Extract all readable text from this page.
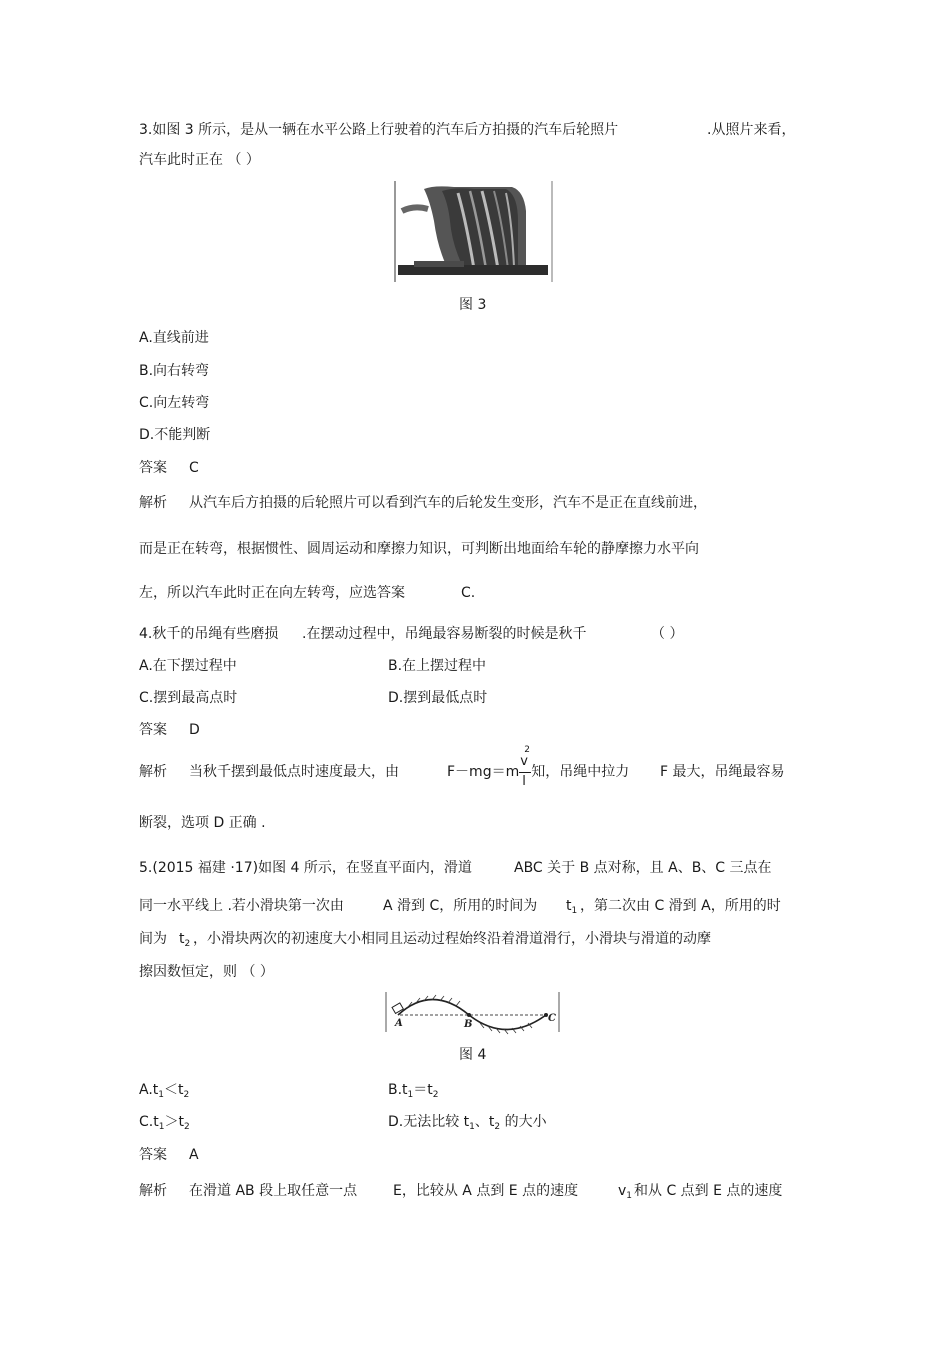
3.如图 3 所示，是从一辆在水平公路上行驶着的汽车后方拍摄的汽车后轮照片	.从照片来看，
汽车此时正在 （ ）
图 3
A.直线前进
B.向右转弯
C.向左转弯
D.不能判断
答案 C
解析 从汽车后方拍摄的后轮照片可以看到汽车的后轮发生变形，汽车不是正在直线前进，
而是正在转弯，根据惯性、圆周运动和摩擦力知识，可判断出地面给车轮的静摩擦力水平向
左，所以汽车此时正在向左转弯，应选答案	C.
4.秋千的吊绳有些磨损 .在摆动过程中，吊绳最容易断裂的时候是秋千	（ ）
A.在下摆过程中	B.在上摆过程中
C.摆到最高点时	D.摆到最低点时
答案 D
解析 当秋千摆到最低点时速度最大，由	F－mg＝m
v
2
l
知，吊绳中拉力 F 最大，吊绳最容易
断裂，选项 D 正确 .
5.(2015 福建 ·17)如图 4 所示，在竖直平面内，滑道	ABC 关于 B 点对称，且 A、B、C 三点在
同一水平线上 .若小滑块第一次由	A 滑到 C，所用的时间为 $t_1$ ，第二次由 C 滑到 A，所用的时
间为 $t_2$ ，小滑块两次的初速度大小相同且运动过程始终沿着滑道滑行，小滑块与滑道的动摩
擦因数恒定，则 （ ）
A	B
C
图 4
$A.t_1<t_2$	$B.t_1=t_2$
$C.t_1>t_2$	D.无法比较 $t_1$、$t_2$ 的大小
答案 A
解析 在滑道 AB 段上取任意一点	E，比较从 A 点到 E 点的速度	$v_1$ 和从 C 点到 E 点的速度
